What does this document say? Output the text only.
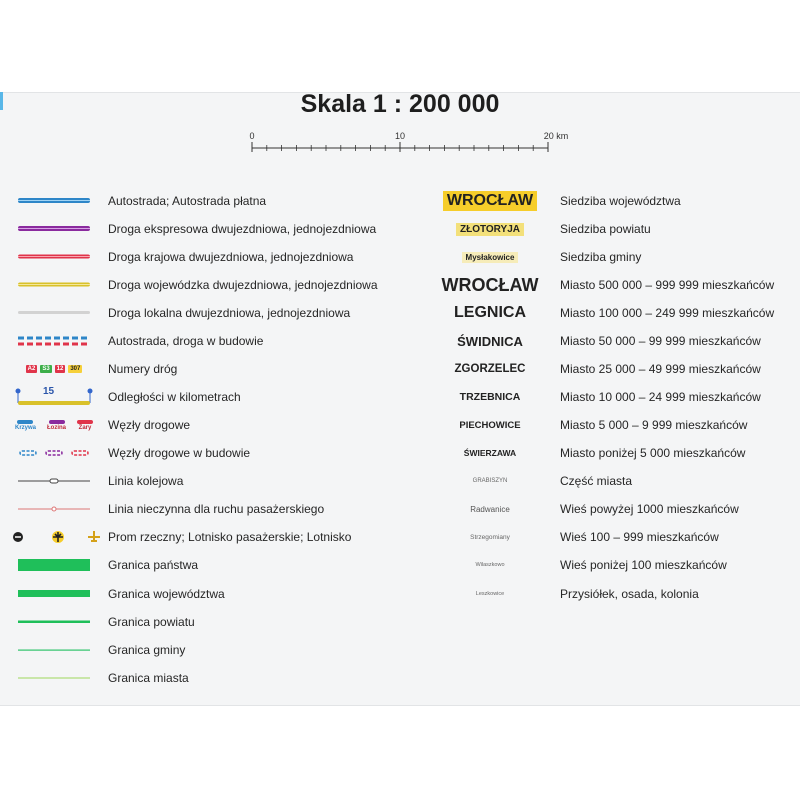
Skala 1 : 200 000
0	10	20 km
Autostrada; Autostrada płatna
Droga ekspresowa dwujezdniowa, jednojezdniowa
Droga krajowa dwujezdniowa, jednojezdniowa
Droga wojewódzka dwujezdniowa, jednojezdniowa
Droga lokalna dwujezdniowa, jednojezdniowa
Autostrada, droga w budowie
A2	S3	12	307 Numery dróg
15	Odległości w kilometrach
Krzywa Łozina Żary Węzły drogowe
Węzły drogowe w budowie
Linia kolejowa
Linia nieczynna dla ruchu pasażerskiego
Prom rzeczny; Lotnisko pasażerskie; Lotnisko
Granica państwa
Granica województwa
Granica powiatu
Granica gminy
Granica miasta
WROCŁAW	Siedziba województwa
ZŁOTORYJA	Siedziba powiatu
Mysłakowice	Siedziba gminy
WROCŁAW Miasto 500 000 – 999 999 mieszkańców
LEGNICA	Miasto 100 000 – 249 999 mieszkańców
ŚWIDNICA	Miasto 50 000 – 99 999 mieszkańców
ZGORZELEC	Miasto 25 000 – 49 999 mieszkańców
TRZEBNICA	Miasto 10 000 – 24 999 mieszkańców
PIECHOWICE	Miasto 5 000 – 9 999 mieszkańców
ŚWIERZAWA	Miasto poniżej 5 000 mieszkańców
GRABISZYN	Część miasta
Radwanice	Wieś powyżej 1000 mieszkańców
Strzegomiany	Wieś 100 – 999 mieszkańców
Wilaszkowo	Wieś poniżej 100 mieszkańców
Leszkowice	Przysiółek, osada, kolonia
